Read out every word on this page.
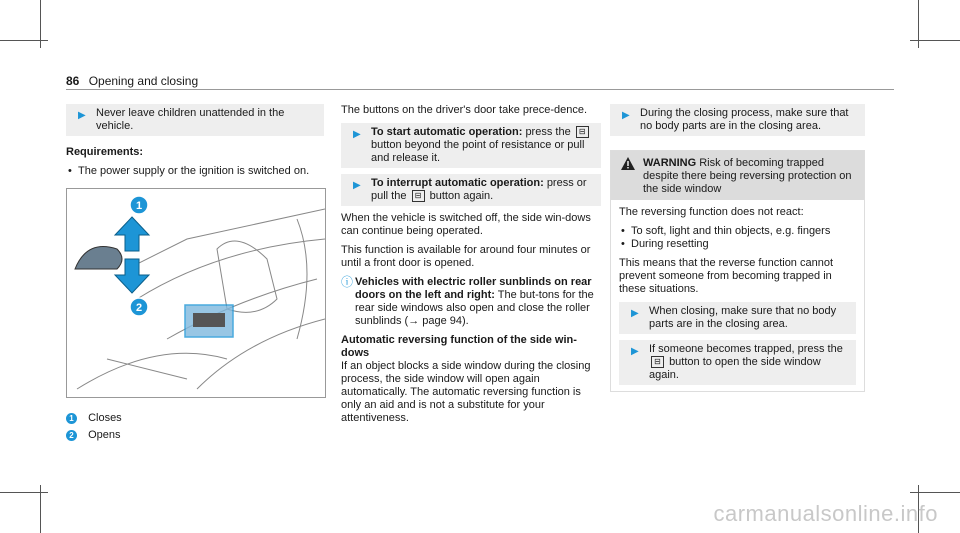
86 Opening and closing
▶ Never leave children unattended in the vehicle.

Requirements:

• The power supply or the ignition is switched on.
1
2
1 Closes
2 Opens

The buttons on the driver's door take prece-dence.

▶ To start automatic operation: press the ⊟ button beyond the point of resistance or pull and release it.
▶ To interrupt automatic operation: press or pull the ⊟ button again.

When the vehicle is switched off, the side win-dows can continue being operated.

This function is available for around four minutes or until a front door is opened.

ⓘ Vehicles with electric roller sunblinds on rear doors on the left and right: The but-tons for the rear side windows also open and close the roller sunblinds (→ page 94).

Automatic reversing function of the side win-dows

If an object blocks a side window during the closing process, the side window will open again automatically. The automatic reversing function is only an aid and is not a substitute for your attentiveness.

▶ During the closing process, make sure that no body parts are in the closing area.
WARNING Risk of becoming trapped despite there being reversing protection on the side window

The reversing function does not react:

• To soft, light and thin objects, e.g. fingers
• During resetting

This means that the reverse function cannot prevent someone from becoming trapped in these situations.

▶ When closing, make sure that no body parts are in the closing area.
▶ If someone becomes trapped, press the ⊟ button to open the side window again.
carmanualsonline.info
